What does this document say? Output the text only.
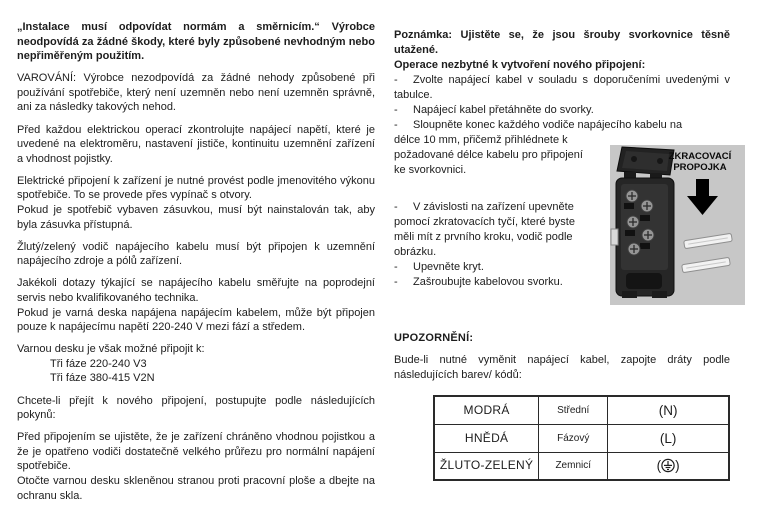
„Instalace musí odpovídat normám a směrnicím.“ Výrobce neodpovídá za žádné škody, které byly způsobené nevhodným nebo nepřiměřeným použitím.
VAROVÁNÍ: Výrobce nezodpovídá za žádné nehody způsobené při používání spotřebiče, který není uzemněn nebo není uzemněn správně, ani za následky takových nehod.
Před každou elektrickou operací zkontrolujte napájecí napětí, které je uvedené na elektroměru, nastavení jističe, kontinuitu uzemnění zařízení a vhodnost pojistky.
Elektrické připojení k zařízení je nutné provést podle jmenovitého výkonu spotřebiče. To se provede přes vypínač s otvory.
Pokud je spotřebič vybaven zásuvkou, musí být nainstalován tak, aby byla zásuvka přístupná.
Žlutý/zelený vodič napájecího kabelu musí být připojen k uzemnění napájecího zdroje a pólů zařízení.
Jakékoli dotazy týkající se napájecího kabelu směřujte na poprodejní servis nebo kvalifikovaného technika.
Pokud je varná deska napájena napájecím kabelem, může být připojen pouze k napájecímu napětí 220-240 V mezi fází a středem.
Varnou desku je však možné připojit k:
Tři fáze 220-240 V3
Tři fáze 380-415 V2N
Chcete-li přejít k nového připojení, postupujte podle následujících pokynů:
Před připojením se ujistěte, že je zařízení chráněno vhodnou pojistkou a že je opatřeno vodiči dostatečně velkého průřezu pro normální napájení spotřebiče.
Otočte varnou desku skleněnou stranou proti pracovní ploše a dbejte na ochranu skla.
Poznámka: Ujistěte se, že jsou šrouby svorkovnice těsně utažené.
Operace nezbytné k vytvoření nového připojení:
- Zvolte napájecí kabel v souladu s doporučeními uvedenými v tabulce.
- Napájecí kabel přetáhněte do svorky.
- Sloupněte konec každého vodiče napájecího kabelu na
délce 10 mm, přičemž přihlédnete k požadované délce kabelu pro připojení ke svorkovnici.
- V závislosti na zařízení upevněte pomocí zkratovacích tyčí, které byste měli mít z prvního kroku, vodič podle obrázku.
- Upevněte kryt.
- Zašroubujte kabelovou svorku.
UPOZORNĚNÍ:
Bude-li nutné vyměnit napájecí kabel, zapojte dráty podle následujících barev/ kódů:
MODRÁ	Střední	(N)
HNĚDÁ	Fázový	(L)
ŽLUTO-ZELENÝ	Zemnicí	( )
ZKRACOVACÍ
PROPOJKA
